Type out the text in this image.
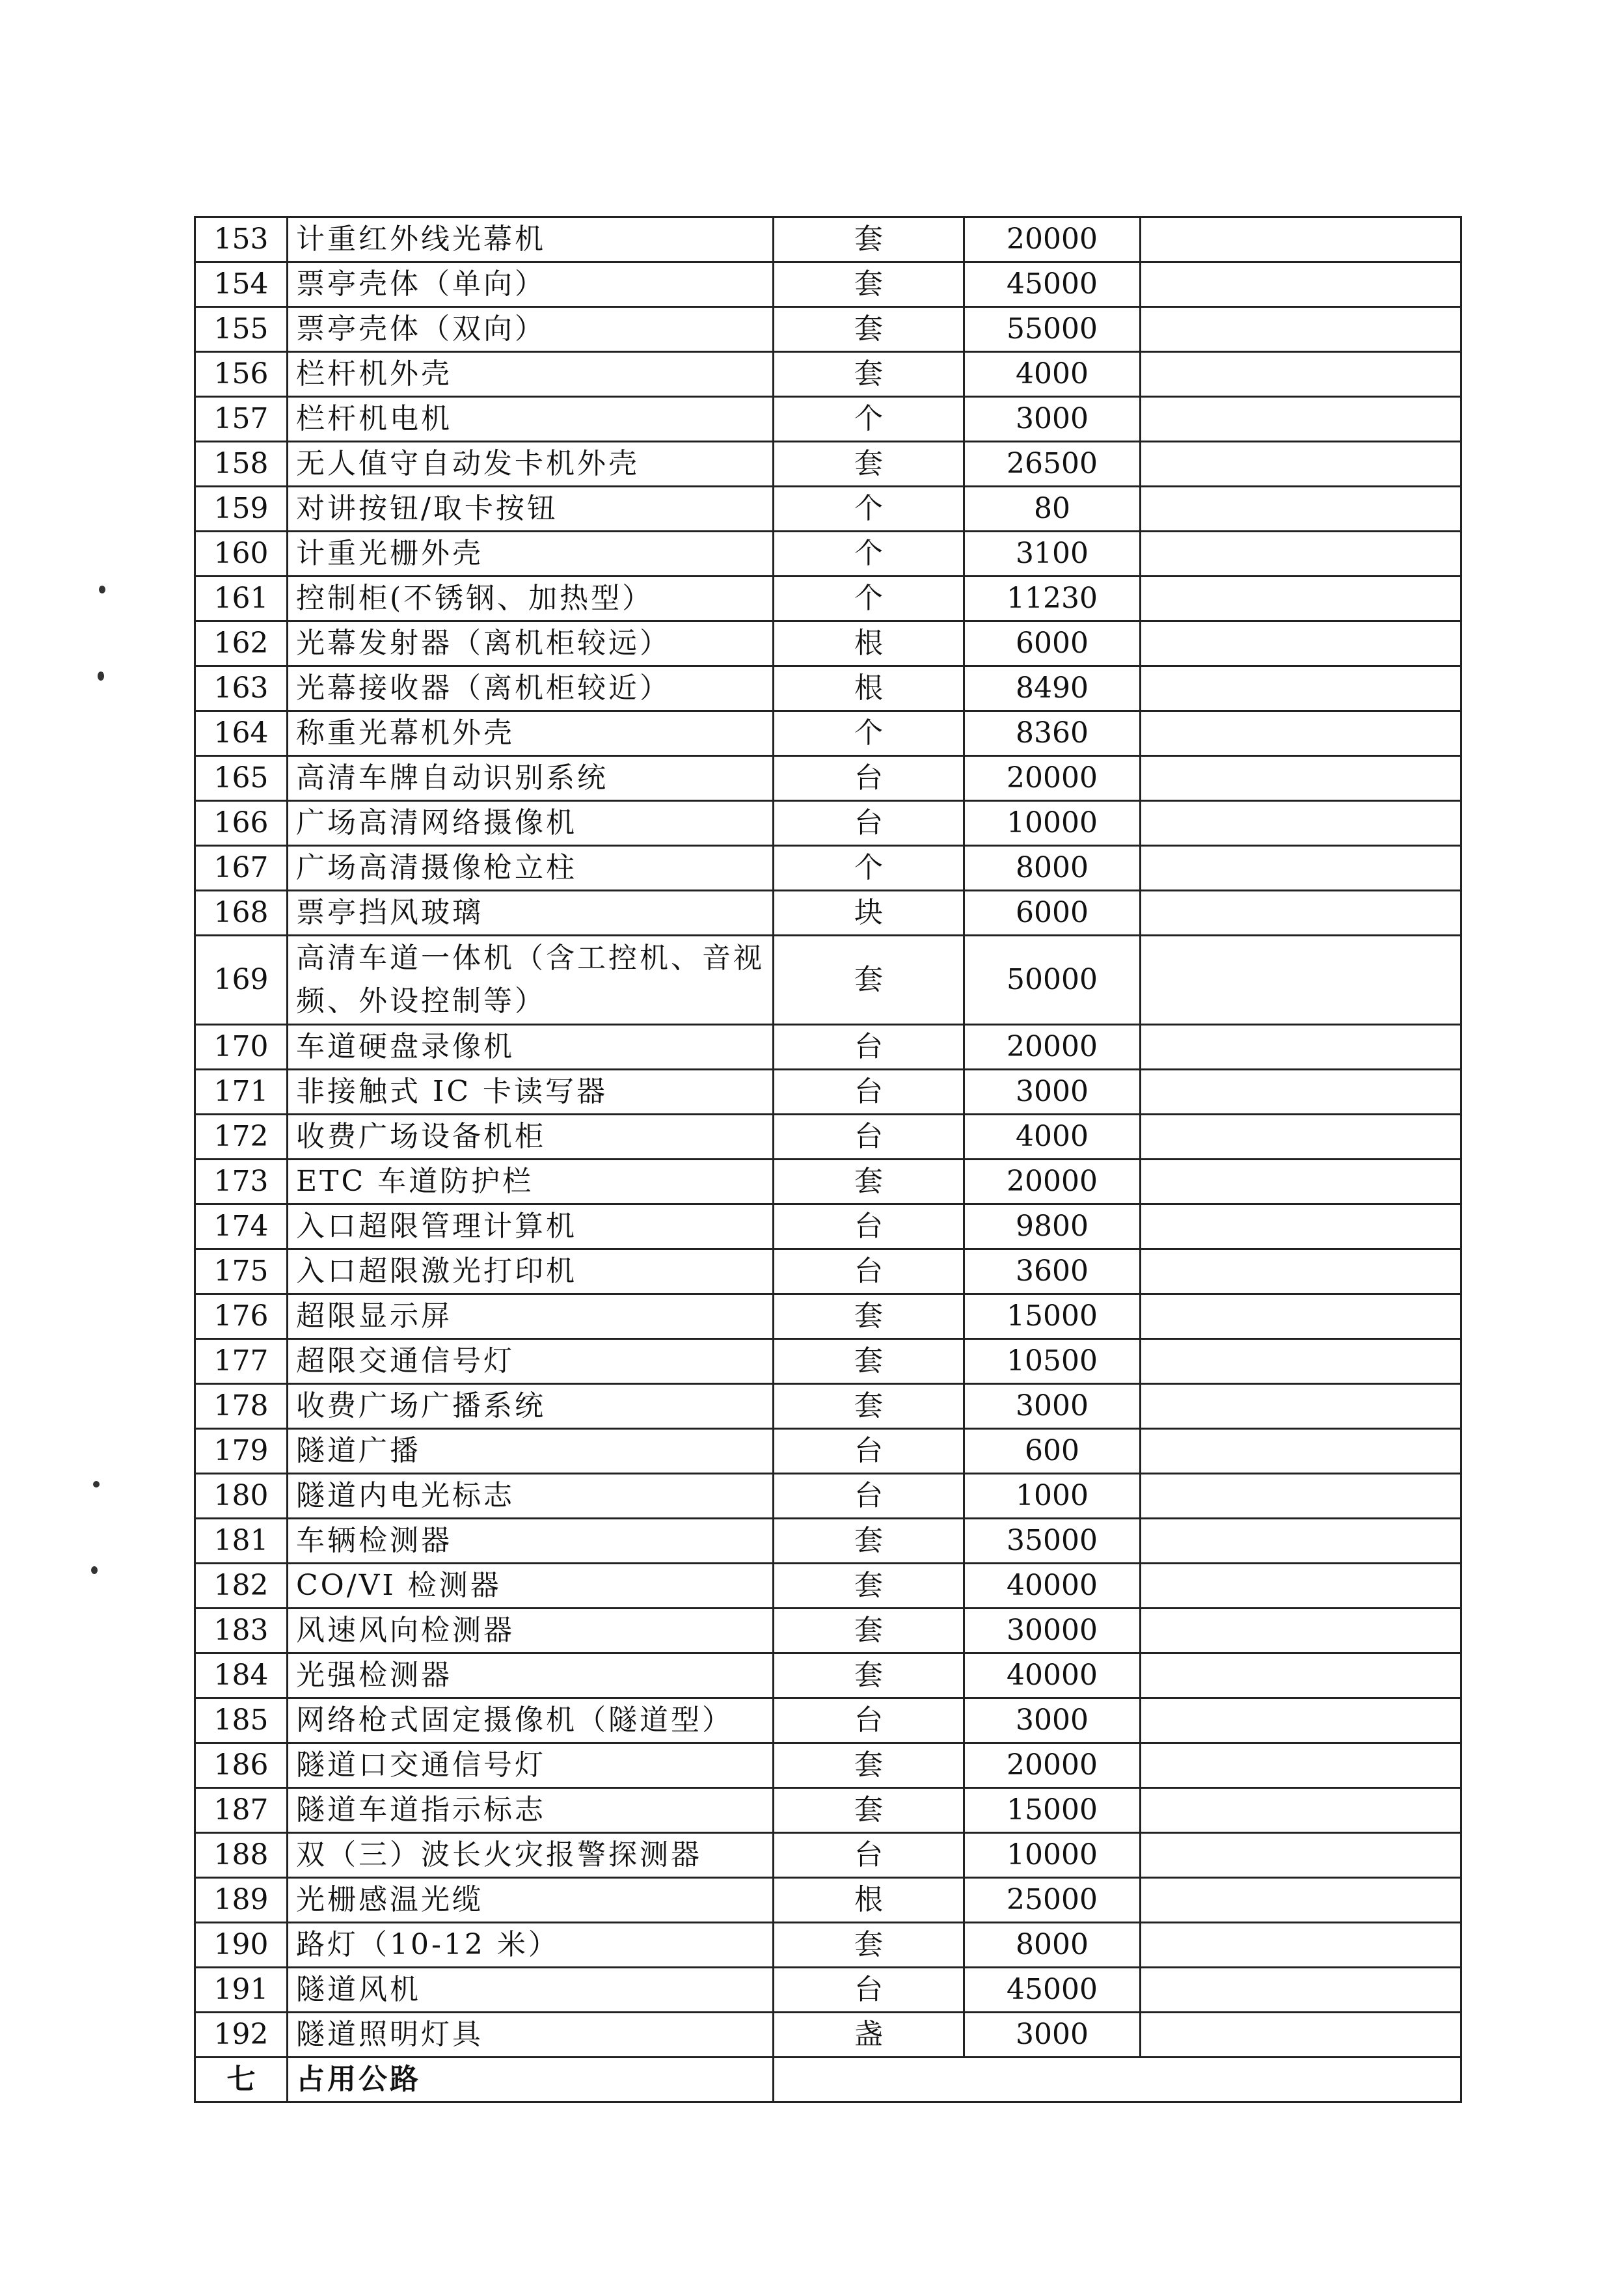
153	计重红外线光幕机	套	20000	
154	票亭壳体（单向）	套	45000	
155	票亭壳体（双向）	套	55000	
156	栏杆机外壳	套	4000	
157	栏杆机电机	个	3000	
158	无人值守自动发卡机外壳	套	26500	
159	对讲按钮/取卡按钮	个	80	
160	计重光栅外壳	个	3100	
161	控制柜(不锈钢、加热型）	个	11230	
162	光幕发射器（离机柜较远）	根	6000	
163	光幕接收器（离机柜较近）	根	8490	
164	称重光幕机外壳	个	8360	
165	高清车牌自动识别系统	台	20000	
166	广场高清网络摄像机	台	10000	
167	广场高清摄像枪立柱	个	8000	
168	票亭挡风玻璃	块	6000	
169	高清车道一体机（含工控机、音视频、外设控制等）	套	50000	
170	车道硬盘录像机	台	20000	
171	非接触式 IC 卡读写器	台	3000	
172	收费广场设备机柜	台	4000	
173	ETC 车道防护栏	套	20000	
174	入口超限管理计算机	台	9800	
175	入口超限激光打印机	台	3600	
176	超限显示屏	套	15000	
177	超限交通信号灯	套	10500	
178	收费广场广播系统	套	3000	
179	隧道广播	台	600	
180	隧道内电光标志	台	1000	
181	车辆检测器	套	35000	
182	CO/VI 检测器	套	40000	
183	风速风向检测器	套	30000	
184	光强检测器	套	40000	
185	网络枪式固定摄像机（隧道型）	台	3000	
186	隧道口交通信号灯	套	20000	
187	隧道车道指示标志	套	15000	
188	双（三）波长火灾报警探测器	台	10000	
189	光栅感温光缆	根	25000	
190	路灯（10-12 米）	套	8000	
191	隧道风机	台	45000	
192	隧道照明灯具	盏	3000	
七	占用公路			
